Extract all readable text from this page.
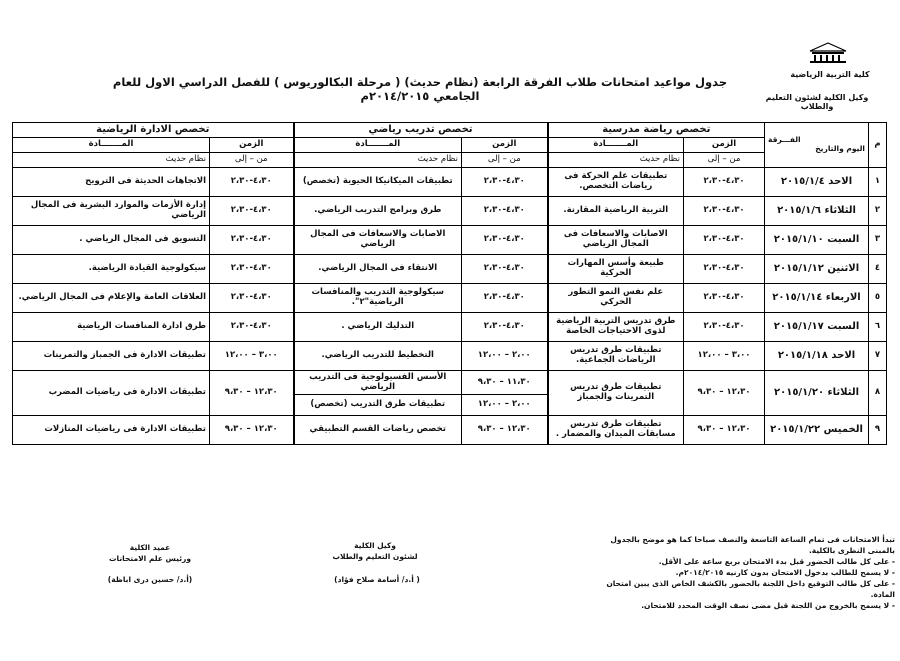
كلية التربية الرياضية
وكيل الكلية لشئون التعليم والطلاب
جدول مواعيد امتحانات طلاب الفرقة الرابعة (نظام حديث) ( مرحلة البكالوريوس ) للفصل الدراسي الاول للعام الجامعي ٢٠١٤/٢٠١٥م
م	الفـــرقة
اليوم والتاريخ	تخصص رياضة مدرسية		تخصص تدريب رياضي		تخصص الادارة الرياضية	
		الزمن	المـــــــادة	الزمن	المـــــــادة	الزمن	المـــــــادة
		من – إلى	نظام حديث	من – إلى	نظام حديث	من – إلى	نظام حديث
١	الاحد ٢٠١٥/١/٤	٤،٣٠-٢،٣٠	تطبيقات علم الحركة فى رياضات التخصص.	٤،٣٠-٢،٣٠	تطبيقات الميكانيكا الحيوية (تخصص)	٤،٣٠-٢،٣٠	الاتجاهات الحديثة فى الترويح
٢	الثلاثاء ٢٠١٥/١/٦	٤،٣٠-٢،٣٠	التربية الرياضية المقارنة.	٤،٣٠-٢،٣٠	طرق وبرامج التدريب الرياضي.	٤،٣٠-٢،٣٠	إدارة الأزمات والموارد البشرية فى المجال الرياضي
٣	السبت ٢٠١٥/١/١٠	٤،٣٠-٢،٣٠	الاصابات والاسعافات فى المجال الرياضي	٤،٣٠-٢،٣٠	الاصابات والاسعافات فى المجال الرياضي	٤،٣٠-٢،٣٠	التسويق فى المجال الرياضي .
٤	الاثنين ٢٠١٥/١/١٢	٤،٣٠-٢،٣٠	طبيعة وأسس المهارات الحركية	٤،٣٠-٢،٣٠	الانتقاء فى المجال الرياضي.	٤،٣٠-٢،٣٠	سيكولوجية القيادة الرياضية.
٥	الاربعاء ٢٠١٥/١/١٤	٤،٣٠-٢،٣٠	علم نفس النمو التطور الحركي	٤،٣٠-٢،٣٠	سيكولوجية التدريب والمنافسات الرياضية"٢".	٤،٣٠-٢،٣٠	العلاقات العامة والإعلام فى المجال الرياضي.
٦	السبت ٢٠١٥/١/١٧	٤،٣٠-٢،٣٠	طرق تدريس التربية الرياضية لذوى الاحتياجات الخاصة	٤،٣٠-٢،٣٠	التدليك الرياضي .	٤،٣٠-٢،٣٠	طرق ادارة المنافسات الرياضية
٧	الاحد ٢٠١٥/١/١٨	٣،٠٠ – ١٢،٠٠	تطبيقات طرق تدريس الرياضات الجماعية.	٢،٠٠ – ١٢،٠٠	التخطيط للتدريب الرياضي.	٣،٠٠ – ١٢،٠٠	تطبيقات الادارة فى الجمباز والتمرينات
٨	الثلاثاء ٢٠١٥/١/٢٠	١٢،٣٠ – ٩،٣٠	تطبيقات طرق تدريس التمرينات والجمباز	١١،٣٠ – ٩،٣٠	الأسس الفسيولوجية فى التدريب الرياضي	١٢،٣٠ – ٩،٣٠	تطبيقات الادارة فى رياضيات المضرب
				٢،٠٠ – ١٢،٠٠	تطبيقات طرق التدريب (تخصص)		
٩	الخميس ٢٠١٥/١/٢٢	١٢،٣٠ – ٩،٣٠	تطبيقات طرق تدريس مسابقات الميدان والمضمار .	١٢،٣٠ – ٩،٣٠	تخصص رياضات القسم التطبيقي	١٢،٣٠ – ٩،٣٠	تطبيقات الادارة فى رياضيات المنازلات
تبدأ الامتحانات فى تمام الساعة التاسعة والنصف صباحا كما هو موضح بالجدول بالمبنى النظرى بالكلية.
- على كل طالب الحضور قبل بدء الامتحان بربع ساعة على الأقل.
- لا يسمح للطالب بدخول الامتحان بدون كارنيه ٢٠١٤/٢٠١٥م.
- على كل طالب التوقيع داخل اللجنة بالحضور بالكشف الخاص الذى يبين امتحان المادة.
- لا يسمح بالخروج من اللجنة قبل مضى نصف الوقت المحدد للامتحان.
وكيل الكلية
لشئون التعليم والطلاب
( أ.د/ أسامة صلاح فؤاد)
عميد الكلية
ورئيس علم الامتحانات
(أ.د/ حسين درى اباظة)
